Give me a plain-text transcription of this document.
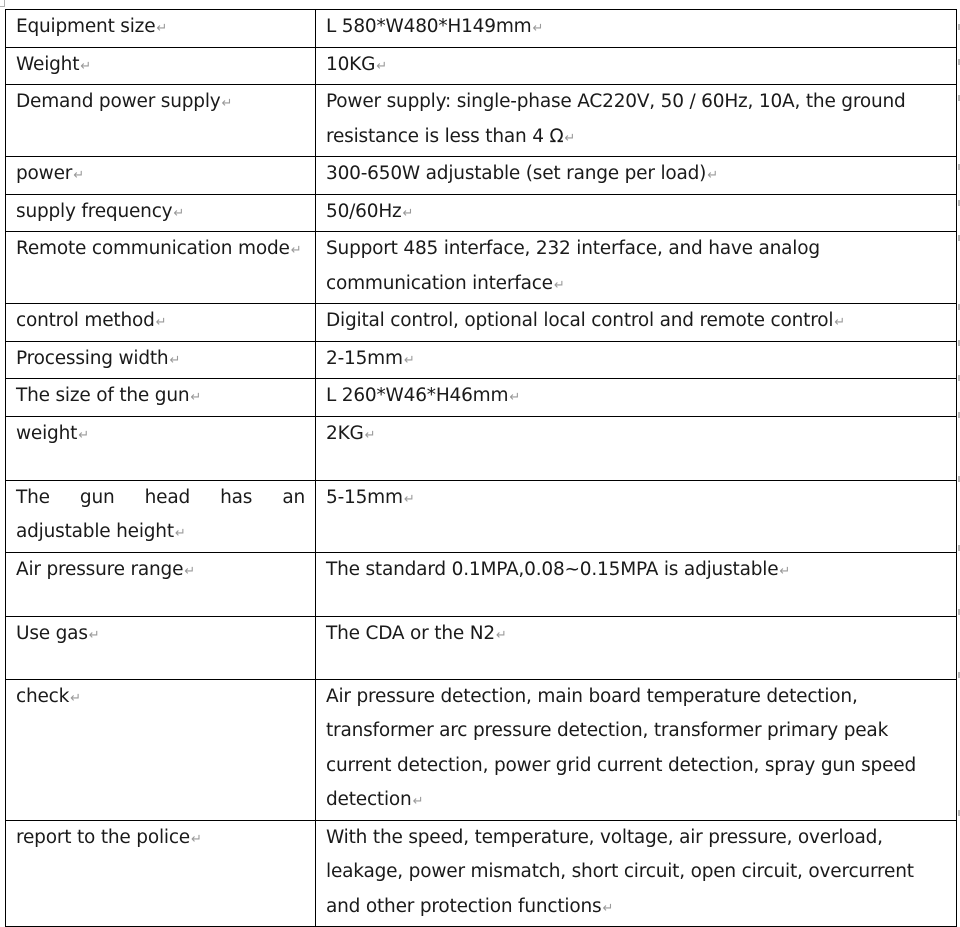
Equipment size↵	L 580*W480*H149mm↵
Weight↵	10KG↵
Demand power supply↵	Power supply: single-phase AC220V, 50 / 60Hz, 10A, the ground resistance is less than 4 Ω↵
power↵	300-650W adjustable (set range per load)↵
supply frequency↵	50/60Hz↵
Remote communication mode↵	Support 485 interface, 232 interface, and have analog communication interface↵
control method↵	Digital control, optional local control and remote control↵
Processing width↵	2-15mm↵
The size of the gun↵	L 260*W46*H46mm↵
weight↵	2KG↵
The gun head has an adjustable height↵	5-15mm↵
Air pressure range↵	The standard 0.1MPA,0.08~0.15MPA is adjustable↵
Use gas↵	The CDA or the N2↵
check↵	Air pressure detection, main board temperature detection, transformer arc pressure detection, transformer primary peak current detection, power grid current detection, spray gun speed detection↵
report to the police↵	With the speed, temperature, voltage, air pressure, overload, leakage, power mismatch, short circuit, open circuit, overcurrent and other protection functions↵
